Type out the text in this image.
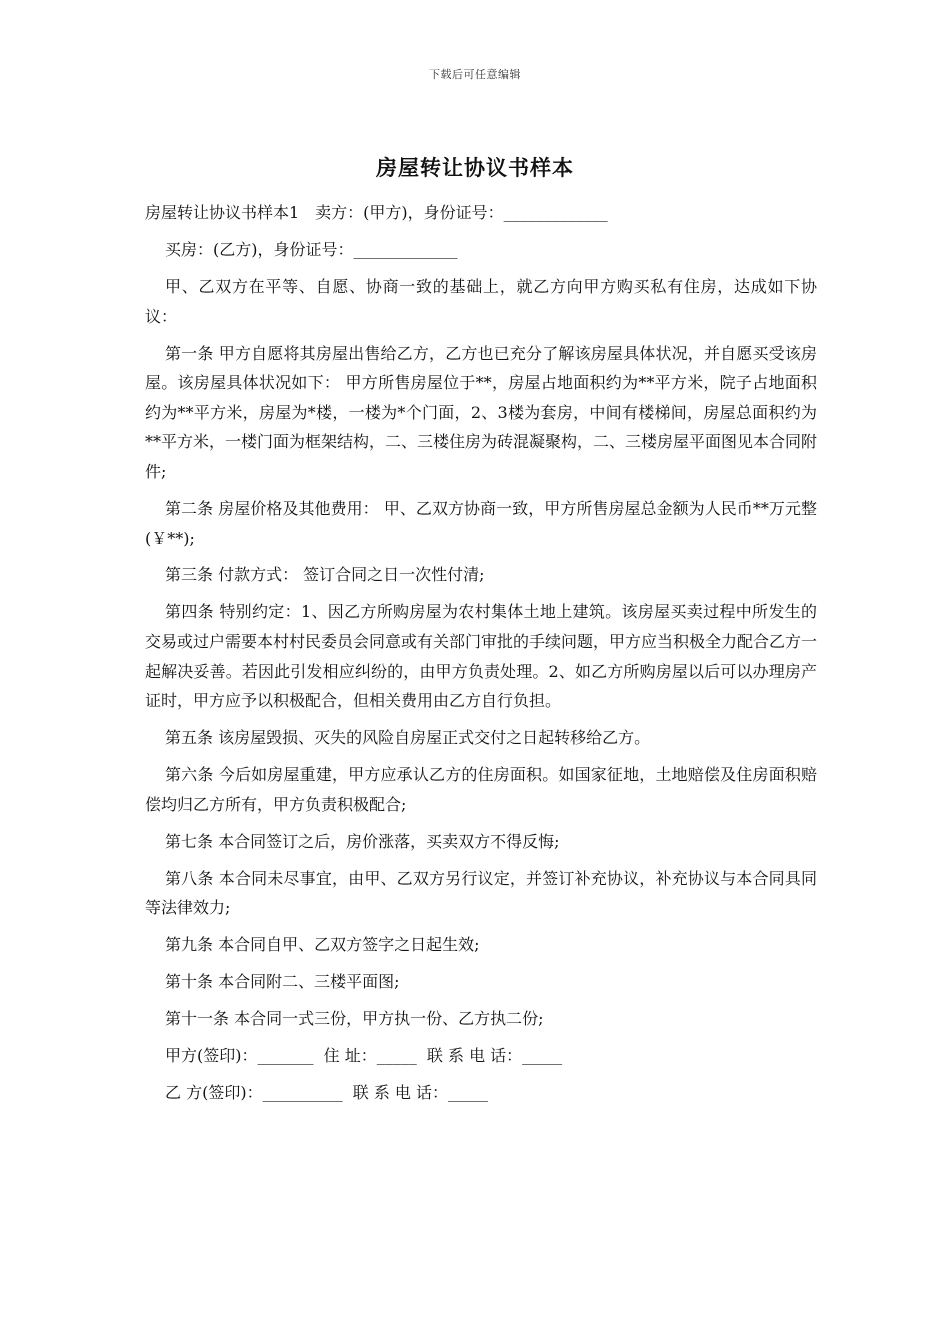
下载后可任意编辑
房屋转让协议书样本

房屋转让协议书样本1　卖方：(甲方)，身份证号：_____________

买房：(乙方)，身份证号：_____________

甲、乙双方在平等、自愿、协商一致的基础上，就乙方向甲方购买私有住房，达成如下协议：

第一条 甲方自愿将其房屋出售给乙方，乙方也已充分了解该房屋具体状况，并自愿买受该房屋。该房屋具体状况如下： 甲方所售房屋位于**，房屋占地面积约为**平方米，院子占地面积约为**平方米，房屋为*楼，一楼为*个门面，2、3楼为套房，中间有楼梯间，房屋总面积约为**平方米，一楼门面为框架结构，二、三楼住房为砖混凝聚构，二、三楼房屋平面图见本合同附件;

第二条 房屋价格及其他费用： 甲、乙双方协商一致，甲方所售房屋总金额为人民币**万元整(￥**);

第三条 付款方式： 签订合同之日一次性付清;

第四条 特别约定：1、因乙方所购房屋为农村集体土地上建筑。该房屋买卖过程中所发生的交易或过户需要本村村民委员会同意或有关部门审批的手续问题，甲方应当积极全力配合乙方一起解决妥善。若因此引发相应纠纷的，由甲方负责处理。2、如乙方所购房屋以后可以办理房产证时，甲方应予以积极配合，但相关费用由乙方自行负担。

第五条 该房屋毁损、灭失的风险自房屋正式交付之日起转移给乙方。

第六条 今后如房屋重建，甲方应承认乙方的住房面积。如国家征地，土地赔偿及住房面积赔偿均归乙方所有，甲方负责积极配合;

第七条 本合同签订之后，房价涨落，买卖双方不得反悔;

第八条 本合同未尽事宜，由甲、乙双方另行议定，并签订补充协议，补充协议与本合同具同等法律效力;

第九条 本合同自甲、乙双方签字之日起生效;

第十条 本合同附二、三楼平面图;

第十一条 本合同一式三份，甲方执一份、乙方执二份;

甲方(签印)：_______  住 址：_____  联 系 电 话：_____

乙 方(签印)：__________  联 系 电 话：_____
